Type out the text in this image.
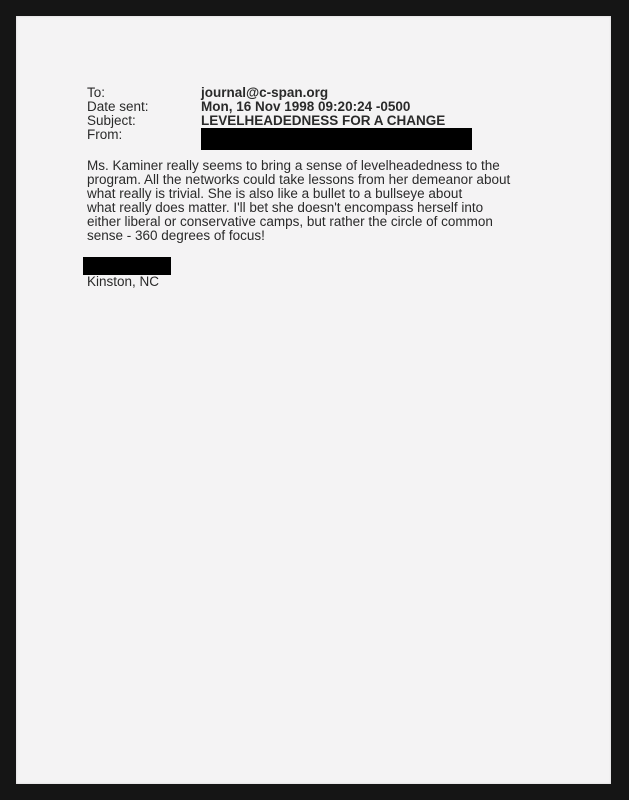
To:	journal@c-span.org
Date sent:	Mon, 16 Nov 1998 09:20:24 -0500
Subject:	LEVELHEADEDNESS FOR A CHANGE
From:

Ms. Kaminer really seems to bring a sense of levelheadedness to the
program. All the networks could take lessons from her demeanor about
what really is trivial. She is also like a bullet to a bullseye about
what really does matter. I'll bet she doesn't encompass herself into
either liberal or conservative camps, but rather the circle of common
sense - 360 degrees of focus!

Kinston, NC
